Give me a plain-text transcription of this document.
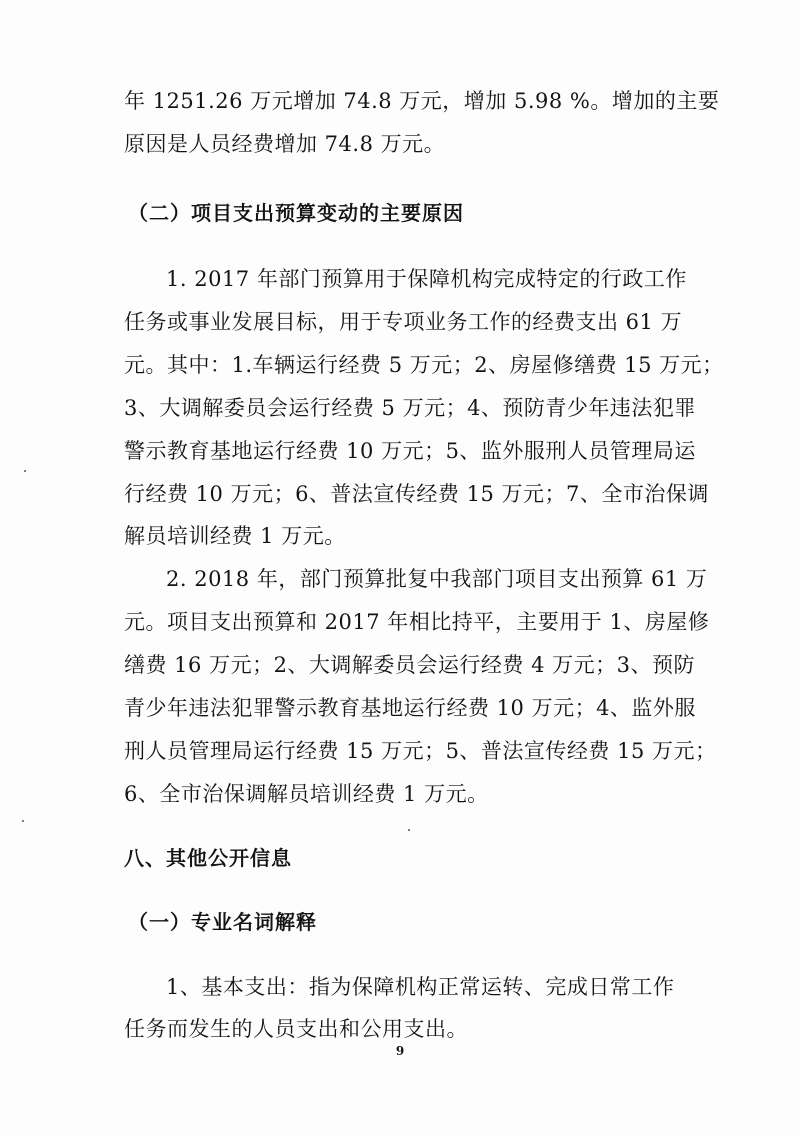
年 1251.26 万元增加 74.8 万元，增加 5.98 %。增加的主要
原因是人员经费增加 74.8 万元。
（二）项目支出预算变动的主要原因
1. 2017 年部门预算用于保障机构完成特定的行政工作
任务或事业发展目标，用于专项业务工作的经费支出 61 万
元。其中：1.车辆运行经费 5 万元；2、房屋修缮费 15 万元；
3、大调解委员会运行经费 5 万元；4、预防青少年违法犯罪
警示教育基地运行经费 10 万元；5、监外服刑人员管理局运
行经费 10 万元；6、普法宣传经费 15 万元；7、全市治保调
解员培训经费 1 万元。
2. 2018 年，部门预算批复中我部门项目支出预算 61 万
元。项目支出预算和 2017 年相比持平，主要用于 1、房屋修
缮费 16 万元；2、大调解委员会运行经费 4 万元；3、预防
青少年违法犯罪警示教育基地运行经费 10 万元；4、监外服
刑人员管理局运行经费 15 万元；5、普法宣传经费 15 万元；
6、全市治保调解员培训经费 1 万元。
八、其他公开信息
（一）专业名词解释
1、基本支出：指为保障机构正常运转、完成日常工作
任务而发生的人员支出和公用支出。
9
